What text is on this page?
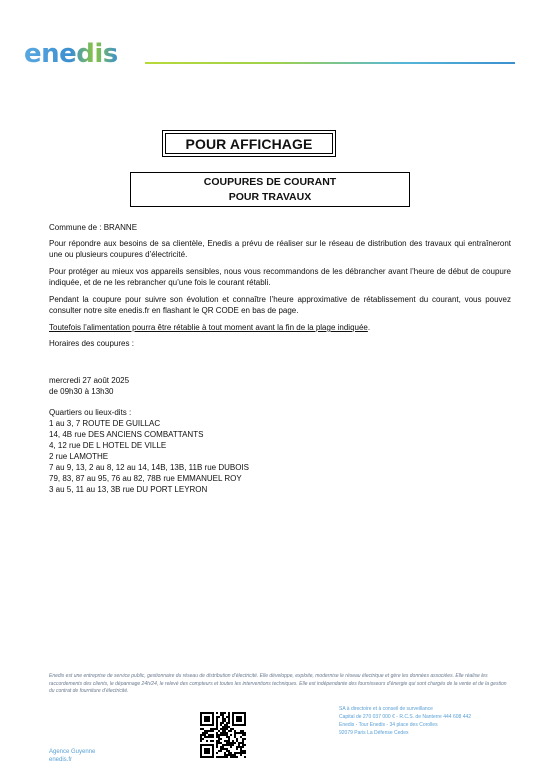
enedis
POUR AFFICHAGE
COUPURES DE COURANT
POUR TRAVAUX

Commune de : BRANNE

Pour répondre aux besoins de sa clientèle, Enedis a prévu de réaliser sur le réseau de distribution des travaux qui entraîneront une ou plusieurs coupures d’électricité.

Pour protéger au mieux vos appareils sensibles, nous vous recommandons de les débrancher avant l’heure de début de coupure indiquée, et de ne les rebrancher qu’une fois le courant rétabli.

Pendant la coupure pour suivre son évolution et connaître l’heure approximative de rétablissement du courant, vous pouvez consulter notre site enedis.fr en flashant le QR CODE en bas de page.

Toutefois l’alimentation pourra être rétablie à tout moment avant la fin de la plage indiquée.

Horaires des coupures :

mercredi 27 août 2025

de 09h30 à 13h30

Quartiers ou lieux-dits :

1 au 3, 7 ROUTE DE GUILLAC

14, 4B rue DES ANCIENS COMBATTANTS

4, 12 rue DE L HOTEL DE VILLE

2 rue LAMOTHE

7 au 9, 13, 2 au 8, 12 au 14, 14B, 13B, 11B rue DUBOIS

79, 83, 87 au 95, 76 au 82, 78B rue EMMANUEL ROY

3 au 5, 11 au 13, 3B rue DU PORT LEYRON

Enedis est une entreprise de service public, gestionnaire du réseau de distribution d’électricité. Elle développe, exploite, modernise le réseau électrique et gère les données associées. Elle réalise les raccordements des clients, le dépannage 24h/24, le relevé des compteurs et toutes les interventions techniques. Elle est indépendante des fournisseurs d’énergie qui sont chargés de la vente et de la gestion du contrat de fourniture d’électricité.
Agence Guyenne
enedis.fr
SA à directoire et à conseil de surveillance
Capital de 270 037 000 € - R.C.S. de Nanterre 444 608 442
Enedis - Tour Enedis - 34 place des Corolles
92079 Paris La Défense Cedex
